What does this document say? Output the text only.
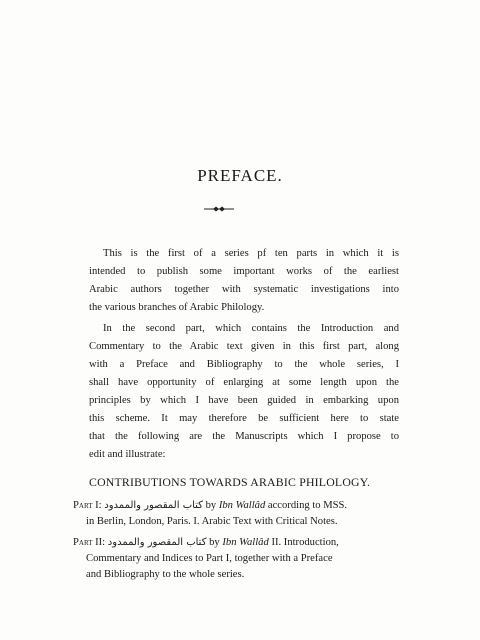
PREFACE.
This is the first of a series pf ten parts in which it is
intended to publish some important works of the earliest
Arabic authors together with systematic investigations into
the various branches of Arabic Philology.
In the second part, which contains the Introduction and
Commentary to the Arabic text given in this first part, along
with a Preface and Bibliography to the whole series, I
shall have opportunity of enlarging at some length upon the
principles by which I have been guided in embarking upon
this scheme. It may therefore be sufficient here to state
that the following are the Manuscripts which I propose to
edit and illustrate:
CONTRIBUTIONS TOWARDS ARABIC PHILOLOGY.
Part I: كتاب المقصور والممدود by Ibn Wallâd according to MSS.
in Berlin, London, Paris. I. Arabic Text with Critical Notes.
Part II: كتاب المقصور والممدود by Ibn Wallâd II. Introduction,
Commentary and Indices to Part I, together with a Preface
and Bibliography to the whole series.
